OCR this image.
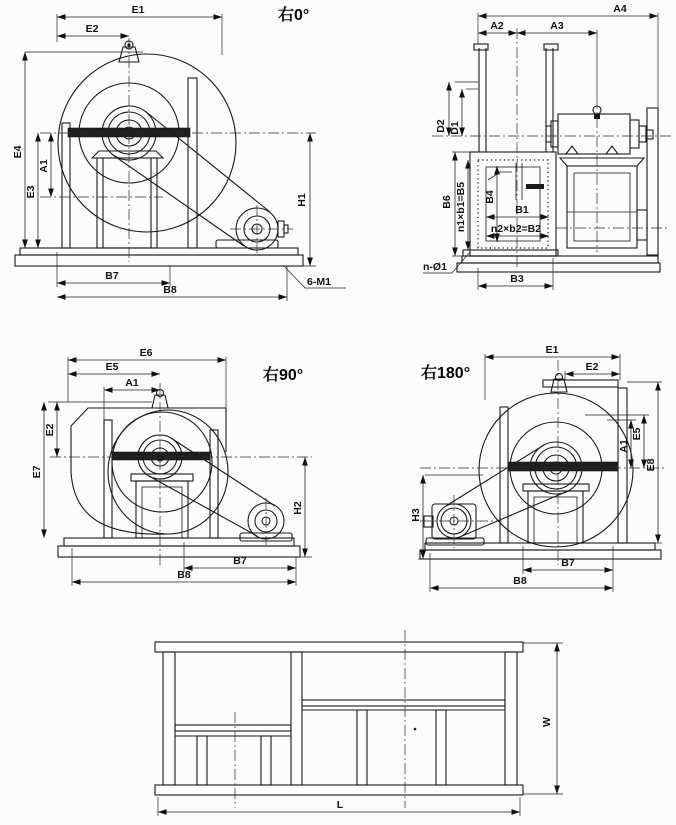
E1
E2
E4
E3
A1
H1
B7
B8
6-M1
右0°	A4
A2	A3
D2 D1
B6 n1×b1=B5 B4
B1
n2×b2=B2
B3
n-Ø1
E6
E5
A1
E2
E7
H2
B7
B8
右90°
E1
E2
A1
E5
E8
H3
B7
B8
右180°
W
L
